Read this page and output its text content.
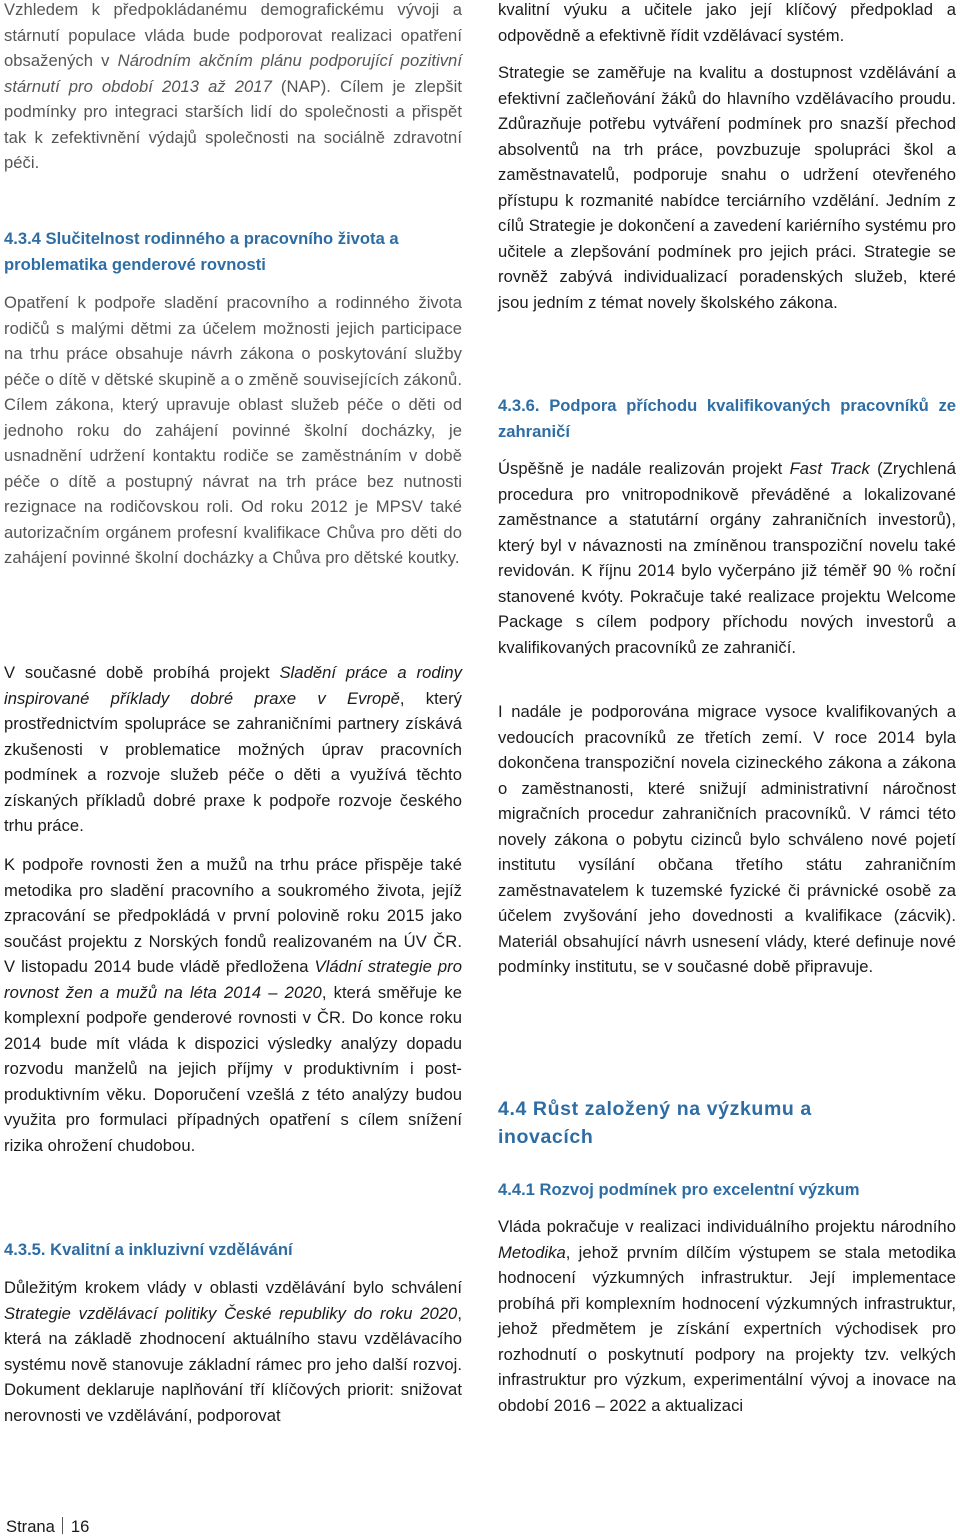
Vzhledem k předpokládanému demografickému vývoji a stárnutí populace vláda bude podporovat realizaci opatření obsažených v Národním akčním plánu podporující pozitivní stárnutí pro období 2013 až 2017 (NAP). Cílem je zlepšit podmínky pro integraci starších lidí do společnosti a přispět tak k zefektivnění výdajů společnosti na sociálně zdravotní péči.

4.3.4 Slučitelnost rodinného a pracovního života a problematika genderové rovnosti

Opatření k podpoře sladění pracovního a rodinného života rodičů s malými dětmi za účelem možnosti jejich participace na trhu práce obsahuje návrh zákona o poskytování služby péče o dítě v dětské skupině a o změně souvisejících zákonů. Cílem zákona, který upravuje oblast služeb péče o děti od jednoho roku do zahájení povinné školní docházky, je usnadnění udržení kontaktu rodiče se zaměstnáním v době péče o dítě a postupný návrat na trh práce bez nutnosti rezignace na rodičovskou roli. Od roku 2012 je MPSV také autorizačním orgánem profesní kvalifikace Chůva pro děti do zahájení povinné školní docházky a Chůva pro dětské koutky.

V současné době probíhá projekt Sladění práce a rodiny inspirované příklady dobré praxe v Evropě, který prostřednictvím spolupráce se zahraničními partnery získává zkušenosti v problematice možných úprav pracovních podmínek a rozvoje služeb péče o děti a využívá těchto získaných příkladů dobré praxe k podpoře rozvoje českého trhu práce.

K podpoře rovnosti žen a mužů na trhu práce přispěje také metodika pro sladění pracovního a soukromého života, jejíž zpracování se předpokládá v první polovině roku 2015 jako součást projektu z Norských fondů realizovaném na ÚV ČR. V listopadu 2014 bude vládě předložena Vládní strategie pro rovnost žen a mužů na léta 2014 – 2020, která směřuje ke komplexní podpoře genderové rovnosti v ČR. Do konce roku 2014 bude mít vláda k dispozici výsledky analýzy dopadu rozvodu manželů na jejich příjmy v produktivním i post-produktivním věku. Doporučení vzešlá z této analýzy budou využita pro formulaci případných opatření s cílem snížení rizika ohrožení chudobou.

4.3.5. Kvalitní a inkluzivní vzdělávání

Důležitým krokem vlády v oblasti vzdělávání bylo schválení Strategie vzdělávací politiky České republiky do roku 2020, která na základě zhodnocení aktuálního stavu vzdělávacího systému nově stanovuje základní rámec pro jeho další rozvoj. Dokument deklaruje naplňování tří klíčových priorit: snižovat nerovnosti ve vzdělávání, podporovat

kvalitní výuku a učitele jako její klíčový předpoklad a odpovědně a efektivně řídit vzdělávací systém.

Strategie se zaměřuje na kvalitu a dostupnost vzdělávání a efektivní začleňování žáků do hlavního vzdělávacího proudu. Zdůrazňuje potřebu vytváření podmínek pro snazší přechod absolventů na trh práce, povzbuzuje spolupráci škol a zaměstnavatelů, podporuje snahu o udržení otevřeného přístupu k rozmanité nabídce terciárního vzdělání. Jedním z cílů Strategie je dokončení a zavedení kariérního systému pro učitele a zlepšování podmínek pro jejich práci. Strategie se rovněž zabývá individualizací poradenských služeb, které jsou jedním z témat novely školského zákona.

4.3.6. Podpora příchodu kvalifikovaných pracovníků ze zahraničí

Úspěšně je nadále realizován projekt Fast Track (Zrychlená procedura pro vnitropodnikově převáděné a lokalizované zaměstnance a statutární orgány zahraničních investorů), který byl v návaznosti na zmíněnou transpoziční novelu také revidován. K říjnu 2014 bylo vyčerpáno již téměř 90 % roční stanovené kvóty. Pokračuje také realizace projektu Welcome Package s cílem podpory příchodu nových investorů a kvalifikovaných pracovníků ze zahraničí.

I nadále je podporována migrace vysoce kvalifikovaných a vedoucích pracovníků ze třetích zemí. V roce 2014 byla dokončena transpoziční novela cizineckého zákona a zákona o zaměstnanosti, které snižují administrativní náročnost migračních procedur zahraničních pracovníků. V rámci této novely zákona o pobytu cizinců bylo schváleno nové pojetí institutu vysílání občana třetího státu zahraničním zaměstnavatelem k tuzemské fyzické či právnické osobě za účelem zvyšování jeho dovednosti a kvalifikace (zácvik). Materiál obsahující návrh usnesení vlády, které definuje nové podmínky institutu, se v současné době připravuje.

4.4 Růst založený na výzkumu a inovacích
4.4.1 Rozvoj podmínek pro excelentní výzkum

Vláda pokračuje v realizaci individuálního projektu národního Metodika, jehož prvním dílčím výstupem se stala metodika hodnocení výzkumných infrastruktur. Její implementace probíhá při komplexním hodnocení výzkumných infrastruktur, jehož předmětem je získání expertních východisek pro rozhodnutí o poskytnutí podpory na projekty tzv. velkých infrastruktur pro výzkum, experimentální vývoj a inovace na období 2016 – 2022 a aktualizaci

Strana 16
